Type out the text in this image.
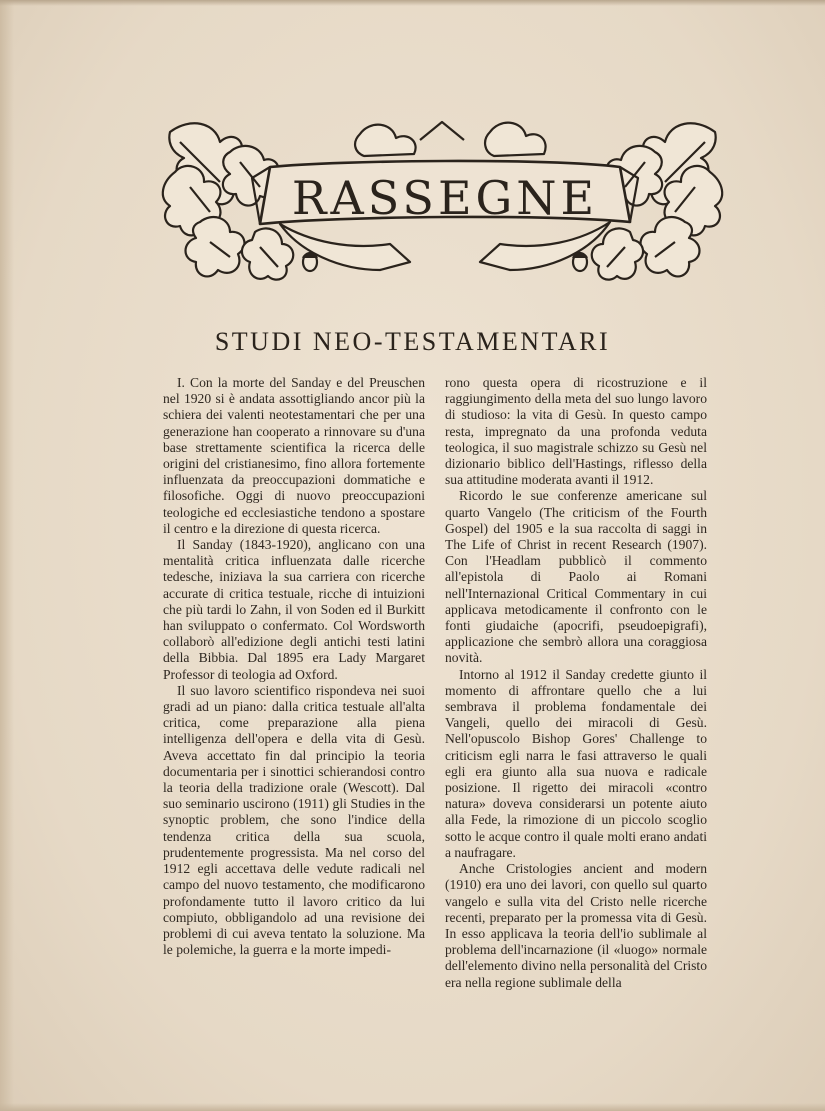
RASSEGNE
STUDI NEO-TESTAMENTARI

I. Con la morte del Sanday e del Preuschen nel 1920 si è andata assottigliando ancor più la schiera dei valenti neotestamentari che per una generazione han cooperato a rinnovare su d'una base strettamente scientifica la ricerca delle origini del cristianesimo, fino allora fortemente influenzata da preoccupazioni dommatiche e filosofiche. Oggi di nuovo preoccupazioni teologiche ed ecclesiastiche tendono a spostare il centro e la direzione di questa ricerca.

Il Sanday (1843-1920), anglicano con una mentalità critica influenzata dalle ricerche tedesche, iniziava la sua carriera con ricerche accurate di critica testuale, ricche di intuizioni che più tardi lo Zahn, il von Soden ed il Burkitt han sviluppato o confermato. Col Wordsworth collaborò all'edizione degli antichi testi latini della Bibbia. Dal 1895 era Lady Margaret Professor di teologia ad Oxford.

Il suo lavoro scientifico rispondeva nei suoi gradi ad un piano: dalla critica testuale all'alta critica, come preparazione alla piena intelligenza dell'opera e della vita di Gesù. Aveva accettato fin dal principio la teoria documentaria per i sinottici schierandosi contro la teoria della tradizione orale (Wescott). Dal suo seminario uscirono (1911) gli Studies in the synoptic problem, che sono l'indice della tendenza critica della sua scuola, prudentemente progressista. Ma nel corso del 1912 egli accettava delle vedute radicali nel campo del nuovo testamento, che modificarono profondamente tutto il lavoro critico da lui compiuto, obbligandolo ad una revisione dei problemi di cui aveva tentato la soluzione. Ma le polemiche, la guerra e la morte impedi-

rono questa opera di ricostruzione e il raggiungimento della meta del suo lungo lavoro di studioso: la vita di Gesù. In questo campo resta, impregnato da una profonda veduta teologica, il suo magistrale schizzo su Gesù nel dizionario biblico dell'Hastings, riflesso della sua attitudine moderata avanti il 1912.

Ricordo le sue conferenze americane sul quarto Vangelo (The criticism of the Fourth Gospel) del 1905 e la sua raccolta di saggi in The Life of Christ in recent Research (1907). Con l'Headlam pubblicò il commento all'epistola di Paolo ai Romani nell'Internazional Critical Commentary in cui applicava metodicamente il confronto con le fonti giudaiche (apocrifi, pseudoepigrafi), applicazione che sembrò allora una coraggiosa novità.

Intorno al 1912 il Sanday credette giunto il momento di affrontare quello che a lui sembrava il problema fondamentale dei Vangeli, quello dei miracoli di Gesù. Nell'opuscolo Bishop Gores' Challenge to criticism egli narra le fasi attraverso le quali egli era giunto alla sua nuova e radicale posizione. Il rigetto dei miracoli «contro natura» doveva considerarsi un potente aiuto alla Fede, la rimozione di un piccolo scoglio sotto le acque contro il quale molti erano andati a naufragare.

Anche Cristologies ancient and modern (1910) era uno dei lavori, con quello sul quarto vangelo e sulla vita del Cristo nelle ricerche recenti, preparato per la promessa vita di Gesù. In esso applicava la teoria dell'io sublimale al problema dell'incarnazione (il «luogo» normale dell'elemento divino nella personalità del Cristo era nella regione sublimale della
